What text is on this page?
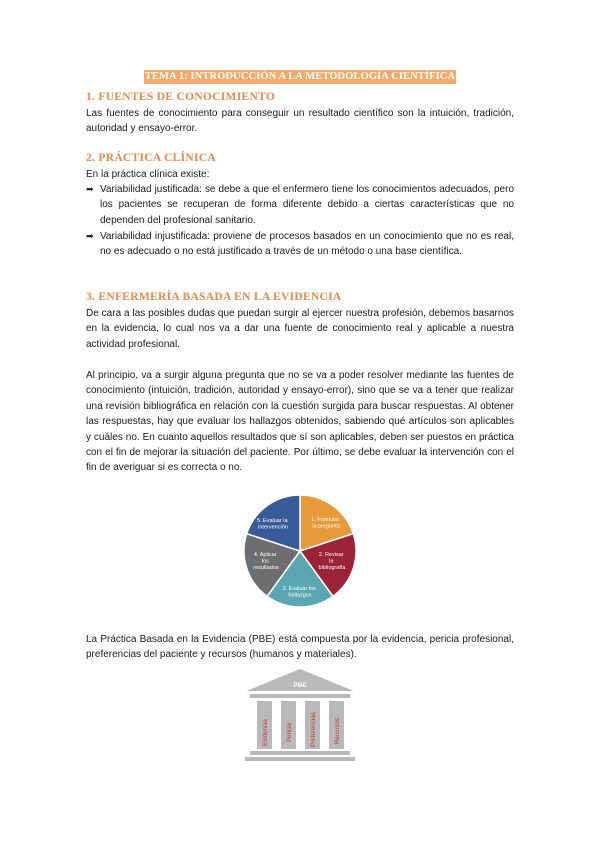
TEMA 1: INTRODUCCIÓN A LA METODOLOGÍA CIENTÍFICA
1. FUENTES DE CONOCIMIENTO

Las fuentes de conocimiento para conseguir un resultado científico son la intuición, tradición, autoridad y ensayo-error.

2. PRÁCTICA CLÍNICA

En la práctica clínica existe:

➡ Variabilidad justificada: se debe a que el enfermero tiene los conocimientos adecuados, pero los pacientes se recuperan de forma diferente debido a ciertas características que no dependen del profesional sanitario.
➡ Variabilidad injustificada: proviene de procesos basados en un conocimiento que no es real, no es adecuado o no está justificado a través de un método o una base científica.
3. ENFERMERÍA BASADA EN LA EVIDENCIA

De cara a las posibles dudas que puedan surgir al ejercer nuestra profesión, debemos basarnos en la evidencia, lo cual nos va a dar una fuente de conocimiento real y aplicable a nuestra actividad profesional.

Al principio, va a surgir alguna pregunta que no se va a poder resolver mediante las fuentes de conocimiento (intuición, tradición, autoridad y ensayo-error), sino que se va a tener que realizar una revisión bibliográfica en relación con la cuestión surgida para buscar respuestas. Al obtener las respuestas, hay que evaluar los hallazgos obtenidos, sabiendo qué artículos son aplicables y cuáles no. En cuanto aquellos resultados que sí son aplicables, deben ser puestos en práctica con el fin de mejorar la situación del paciente. Por último, se debe evaluar la intervención con el fin de averiguar si es correcta o no.

1. Formular la pregunta
2. Revisar la bibliografía
3. Evaluar los hallazgos
4. Aplicar los resultados
5. Evaluar la intervención

La Práctica Basada en la Evidencia (PBE) está compuesta por la evidencia, pericia profesional, preferencias del paciente y recursos (humanos y materiales).

PBE
Evidencia	Pericia	Preferencias	Recursos
